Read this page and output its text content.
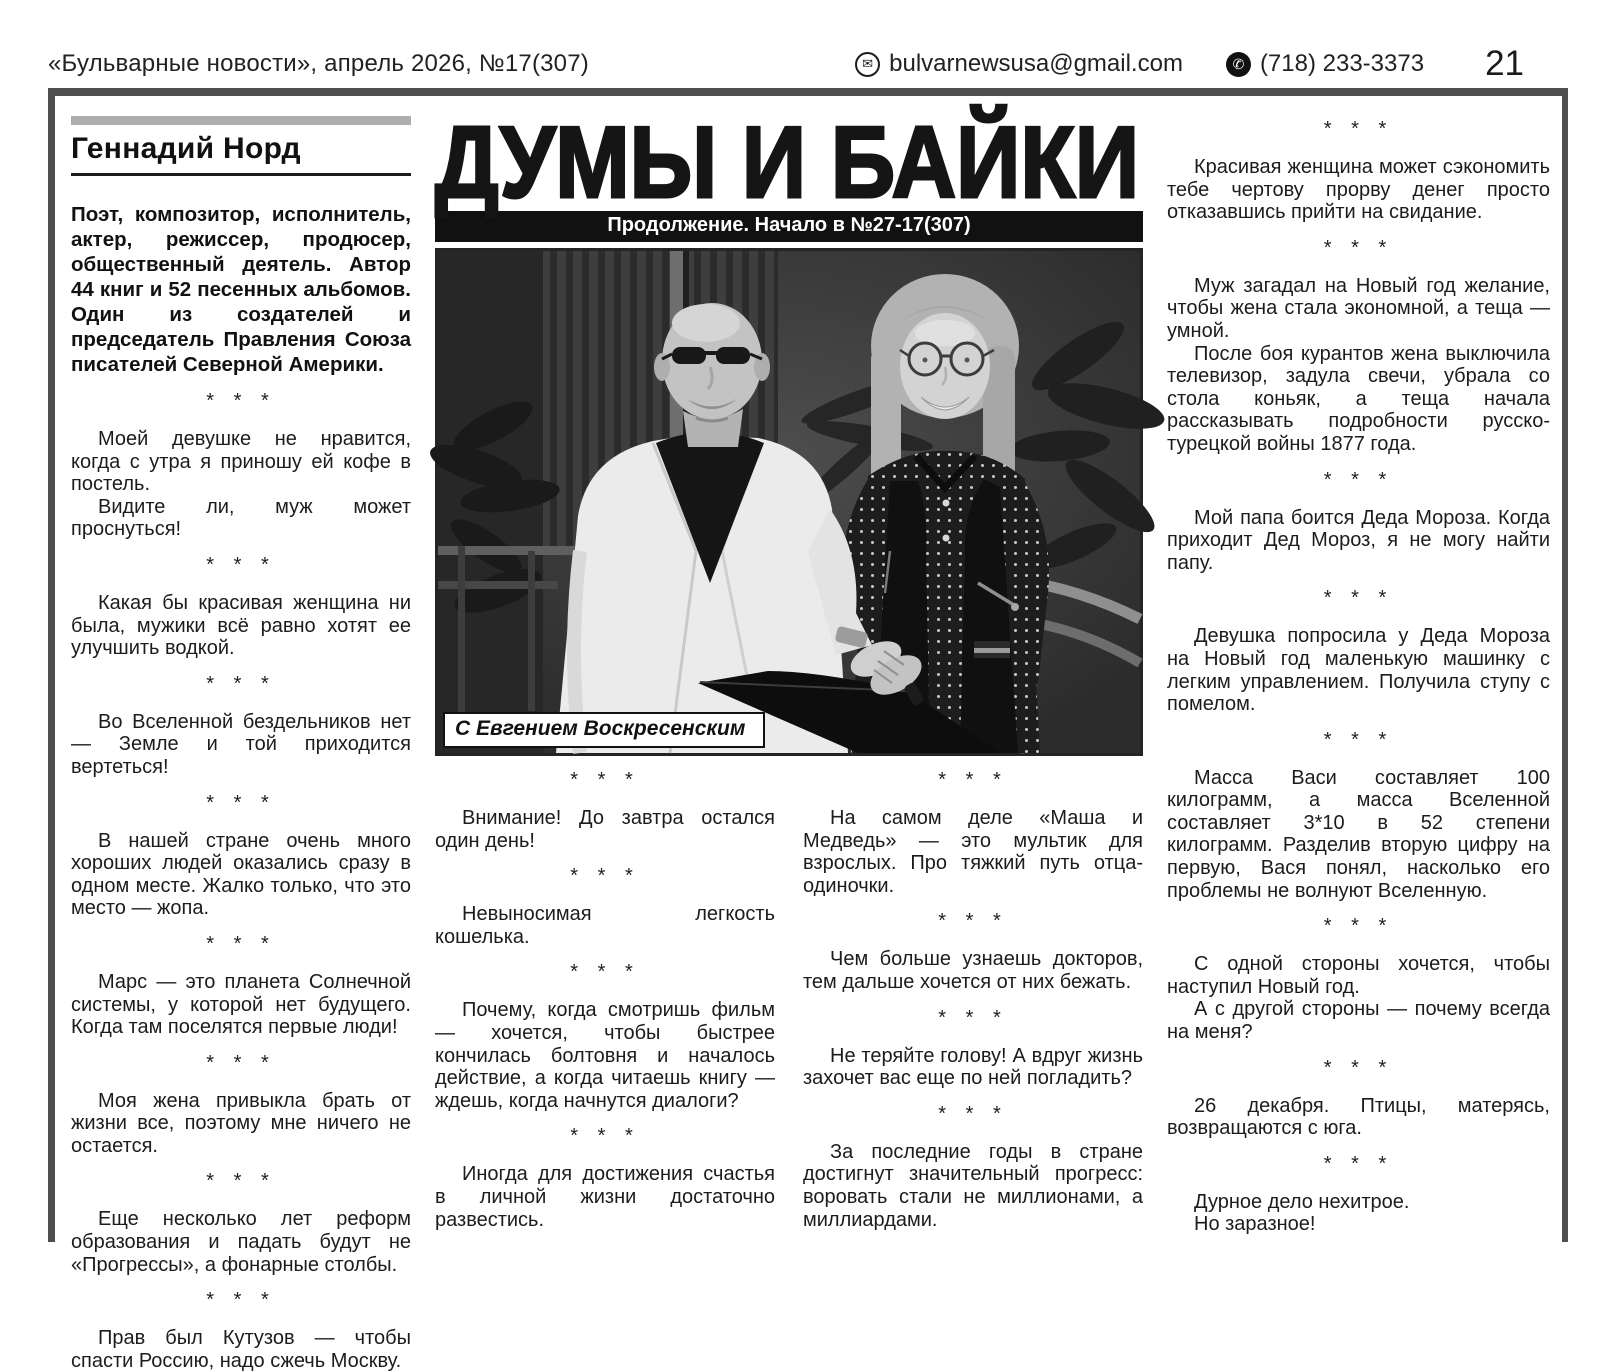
«Бульварные новости», апрель 2026, №17(307)	✉ bulvarnewsusa@gmail.com	✆ (718) 233-3373 21
Геннадий Норд

Поэт, композитор, исполнитель, актер, режиссер, продюсер, общественный деятель. Автор 44 книг и 52 песенных альбомов. Один из создателей и председатель Правления Союза писателей Северной Америки.

* * *

Моей девушке не нравится, когда с утра я приношу ей кофе в постель.

Видите ли, муж может проснуться!

* * *

Какая бы красивая женщина ни была, мужики всё равно хотят ее улучшить водкой.

* * *

Во Вселенной бездельников нет — Земле и той приходится вертеться!

* * *

В нашей стране очень много хороших людей оказались сразу в одном месте. Жалко только, что это место — жопа.

* * *

Марс — это планета Солнечной системы, у которой нет будущего. Когда там поселятся первые люди!

* * *

Моя жена привыкла брать от жизни все, поэтому мне ничего не остается.

* * *

Еще несколько лет реформ образования и падать будут не «Прогрессы», а фонарные столбы.

* * *

Прав был Кутузов — чтобы спасти Россию, надо сжечь Москву.

ДУМЫ И БАЙКИ
Продолжение. Начало в №27-17(307)
С Евгением Воскресенским
* * *

Внимание! До завтра остался один день!

* * *

Невыносимая легкость кошелька.

* * *

Почему, когда смотришь фильм — хочется, чтобы быстрее кончилась болтовня и началось действие, а когда читаешь книгу — ждешь, когда начнутся диалоги?

* * *

Иногда для достижения счастья в личной жизни достаточно развестись.

* * *

На самом деле «Маша и Медведь» — это мультик для взрослых. Про тяжкий путь отца-одиночки.

* * *

Чем больше узнаешь докторов, тем дальше хочется от них бежать.

* * *

Не теряйте голову! А вдруг жизнь захочет вас еще по ней погладить?

* * *

За последние годы в стране достигнут значительный прогресс: воровать стали не миллионами, а миллиардами.

* * *

Красивая женщина может сэкономить тебе чертову прорву денег просто отказавшись прийти на свидание.

* * *

Муж загадал на Новый год желание, чтобы жена стала экономной, а теща — умной.

После боя курантов жена выключила телевизор, задула свечи, убрала со стола коньяк, а теща начала рассказывать подробности русско-турецкой войны 1877 года.

* * *

Мой папа боится Деда Мороза. Когда приходит Дед Мороз, я не могу найти папу.

* * *

Девушка попросила у Деда Мороза на Новый год маленькую машинку с легким управлением. Получила ступу с помелом.

* * *

Масса Васи составляет 100 килограмм, а масса Вселенной составляет 3*10 в 52 степени килограмм. Разделив вторую цифру на первую, Вася понял, насколько его проблемы не волнуют Вселенную.

* * *

С одной стороны хочется, чтобы наступил Новый год.

А с другой стороны — почему всегда на меня?

* * *

26 декабря. Птицы, матерясь, возвращаются с юга.

* * *

Дурное дело нехитрое.

Но заразное!
